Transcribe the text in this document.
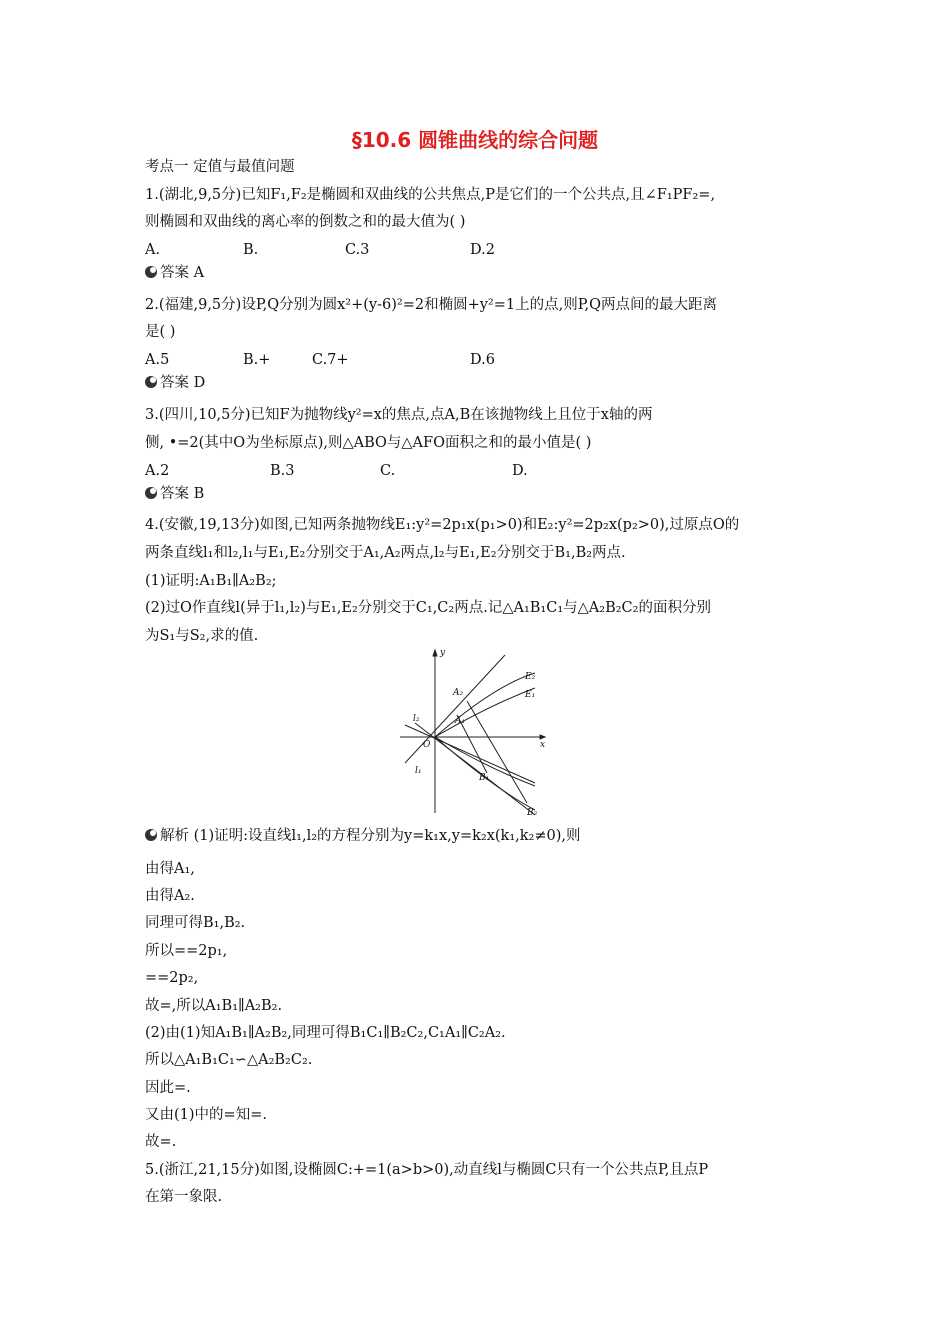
§10.6 圆锥曲线的综合问题
考点一 定值与最值问题
1.(湖北,9,5分)已知F₁,F₂是椭圆和双曲线的公共焦点,P是它们的一个公共点,且∠F₁PF₂=,
则椭圆和双曲线的离心率的倒数之和的最大值为( )
A.	B.	C.3	D.2
答案 A
2.(福建,9,5分)设P,Q分别为圆x²+(y-6)²=2和椭圆+y²=1上的点,则P,Q两点间的最大距离
是( )
A.5	B.+	C.7+	D.6
答案 D
3.(四川,10,5分)已知F为抛物线y²=x的焦点,点A,B在该抛物线上且位于x轴的两
侧, •=2(其中O为坐标原点),则△ABO与△AFO面积之和的最小值是( )
A.2	B.3	C.	D.
答案 B
4.(安徽,19,13分)如图,已知两条抛物线E₁:y²=2p₁x(p₁>0)和E₂:y²=2p₂x(p₂>0),过原点O的
两条直线l₁和l₂,l₁与E₁,E₂分别交于A₁,A₂两点,l₂与E₁,E₂分别交于B₁,B₂两点.
(1)证明:A₁B₁∥A₂B₂;
(2)过O作直线l(异于l₁,l₂)与E₁,E₂分别交于C₁,C₂两点.记△A₁B₁C₁与△A₂B₂C₂的面积分别
为S₁与S₂,求的值.
y
x
O
E₂
E₁
A₂
A₁
B₁
B₂
l₂
l₁
解析 (1)证明:设直线l₁,l₂的方程分别为y=k₁x,y=k₂x(k₁,k₂≠0),则
由得A₁,
由得A₂.
同理可得B₁,B₂.
所以==2p₁,
==2p₂,
故=,所以A₁B₁∥A₂B₂.
(2)由(1)知A₁B₁∥A₂B₂,同理可得B₁C₁∥B₂C₂,C₁A₁∥C₂A₂.
所以△A₁B₁C₁∽△A₂B₂C₂.
因此=.
又由(1)中的=知=.
故=.
5.(浙江,21,15分)如图,设椭圆C:+=1(a>b>0),动直线l与椭圆C只有一个公共点P,且点P
在第一象限.
